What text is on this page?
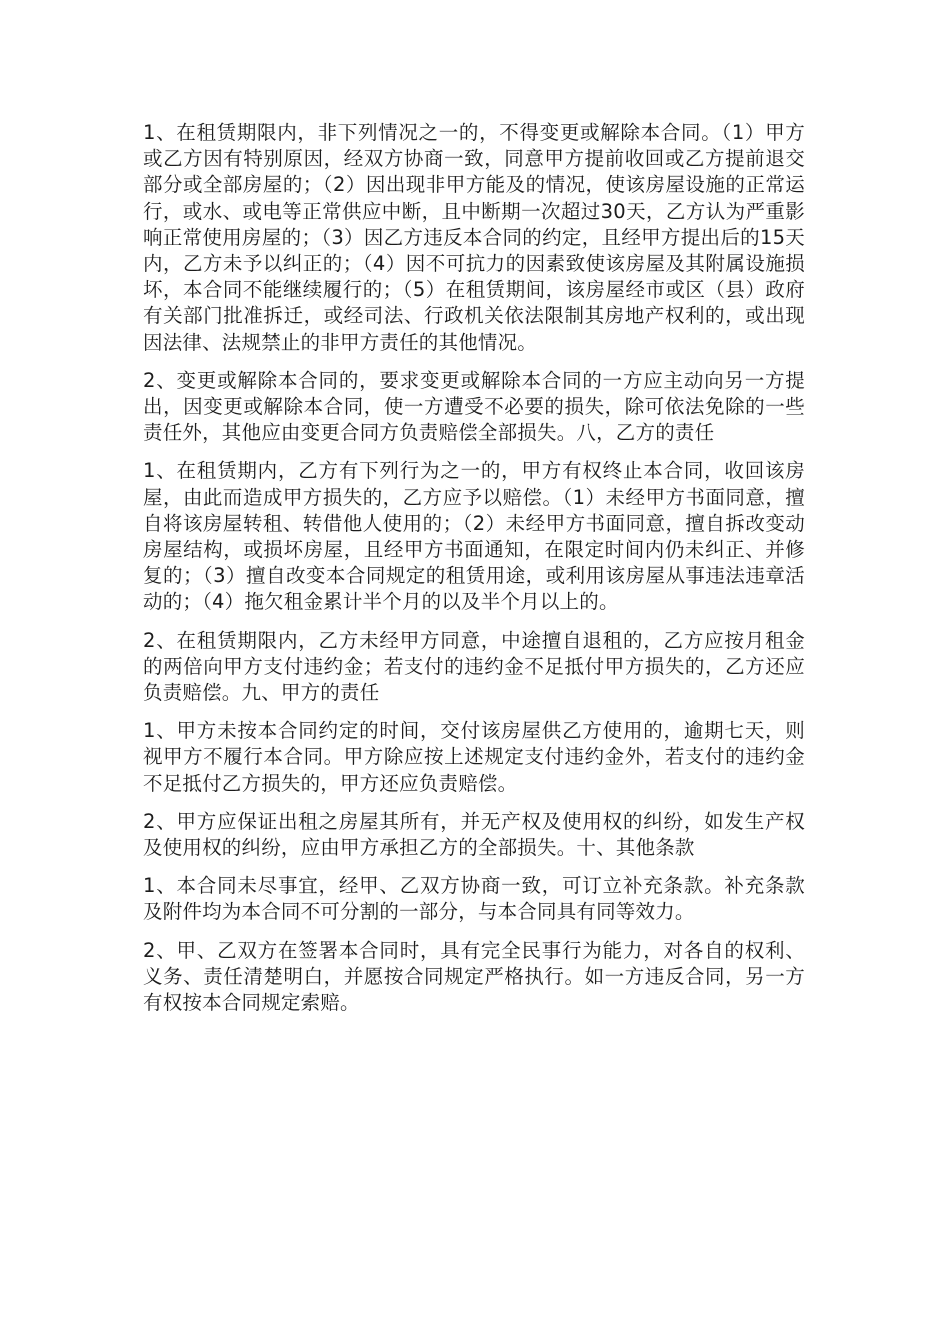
1、在租赁期限内，非下列情况之一的，不得变更或解除本合同。（1）甲方或乙方因有特别原因，经双方协商一致，同意甲方提前收回或乙方提前退交部分或全部房屋的；（2）因出现非甲方能及的情况，使该房屋设施的正常运行，或水、或电等正常供应中断，且中断期一次超过30天，乙方认为严重影响正常使用房屋的；（3）因乙方违反本合同的约定，且经甲方提出后的15天内，乙方未予以纠正的；（4）因不可抗力的因素致使该房屋及其附属设施损坏，本合同不能继续履行的；（5）在租赁期间，该房屋经市或区（县）政府有关部门批准拆迁，或经司法、行政机关依法限制其房地产权利的，或出现因法律、法规禁止的非甲方责任的其他情况。

2、变更或解除本合同的，要求变更或解除本合同的一方应主动向另一方提出，因变更或解除本合同，使一方遭受不必要的损失，除可依法免除的一些责任外，其他应由变更合同方负责赔偿全部损失。八，乙方的责任

1、在租赁期内，乙方有下列行为之一的，甲方有权终止本合同，收回该房屋，由此而造成甲方损失的，乙方应予以赔偿。（1）未经甲方书面同意，擅自将该房屋转租、转借他人使用的；（2）未经甲方书面同意，擅自拆改变动房屋结构，或损坏房屋，且经甲方书面通知，在限定时间内仍未纠正、并修复的；（3）擅自改变本合同规定的租赁用途，或利用该房屋从事违法违章活动的；（4）拖欠租金累计半个月的以及半个月以上的。

2、在租赁期限内，乙方未经甲方同意，中途擅自退租的，乙方应按月租金的两倍向甲方支付违约金；若支付的违约金不足抵付甲方损失的，乙方还应负责赔偿。九、甲方的责任

1、甲方未按本合同约定的时间，交付该房屋供乙方使用的，逾期七天，则视甲方不履行本合同。甲方除应按上述规定支付违约金外，若支付的违约金不足抵付乙方损失的，甲方还应负责赔偿。

2、甲方应保证出租之房屋其所有，并无产权及使用权的纠纷，如发生产权及使用权的纠纷，应由甲方承担乙方的全部损失。十、其他条款

1、本合同未尽事宜，经甲、乙双方协商一致，可订立补充条款。补充条款及附件均为本合同不可分割的一部分，与本合同具有同等效力。

2、甲、乙双方在签署本合同时，具有完全民事行为能力，对各自的权利、义务、责任清楚明白，并愿按合同规定严格执行。如一方违反合同，另一方有权按本合同规定索赔。
